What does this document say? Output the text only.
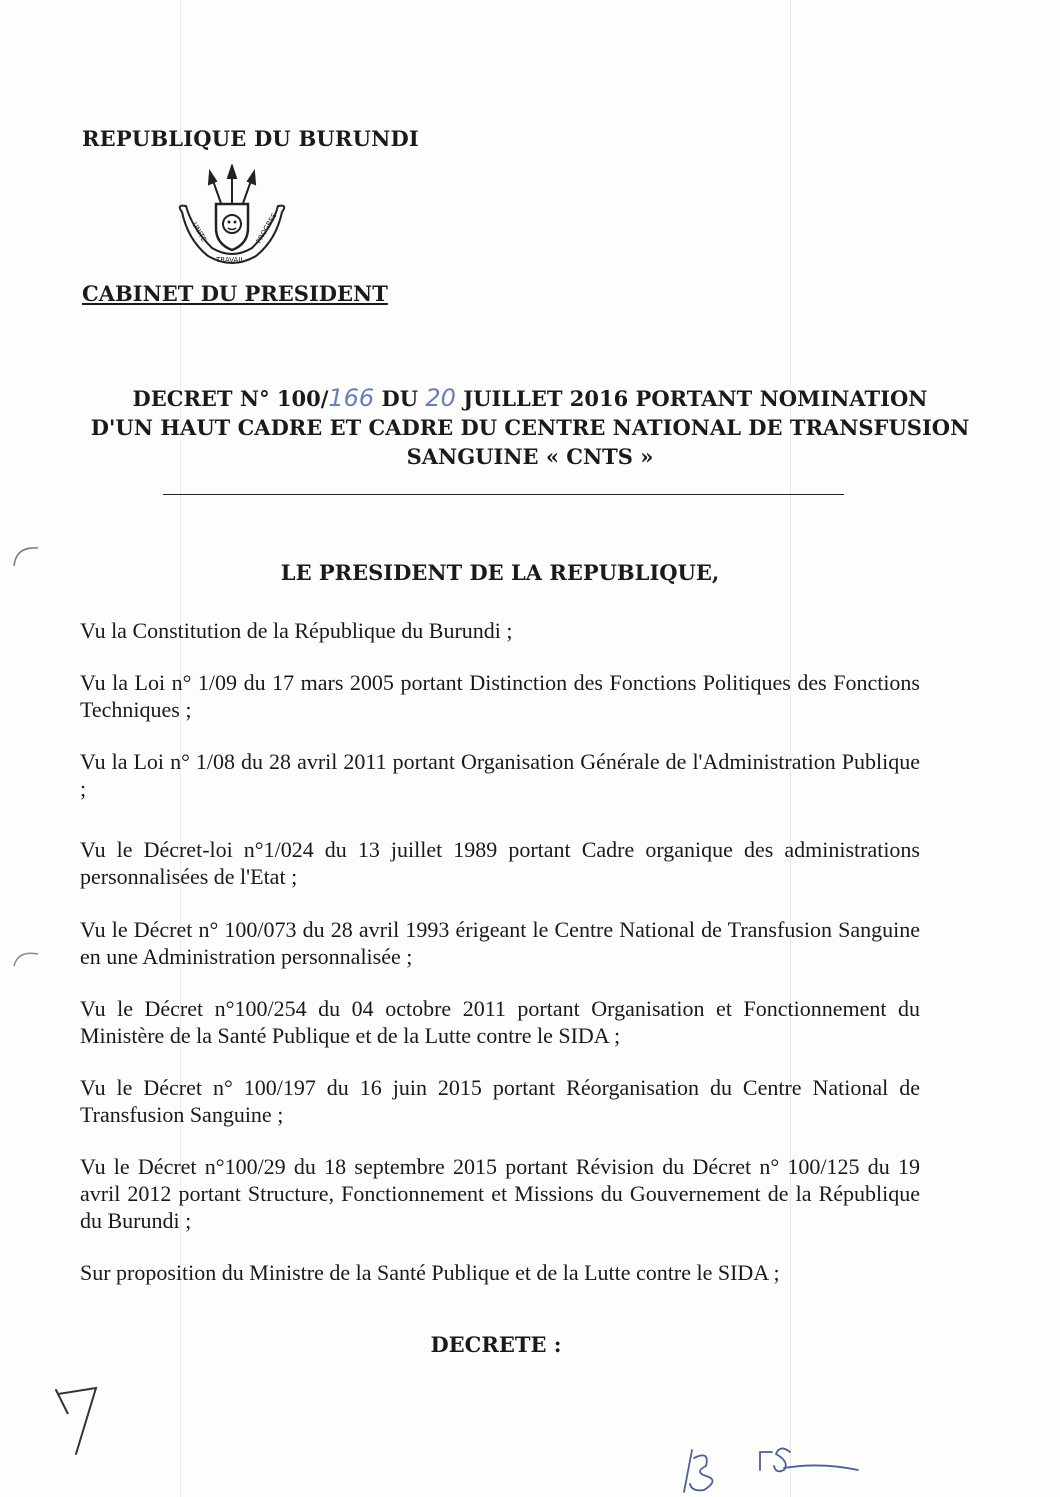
REPUBLIQUE DU BURUNDI
UNITE
TRAVAIL
PROGRES
CABINET DU PRESIDENT
DECRET N° 100/166 DU 20 JUILLET 2016 PORTANT NOMINATION
D'UN HAUT CADRE ET CADRE DU CENTRE NATIONAL DE TRANSFUSION
SANGUINE « CNTS »
LE PRESIDENT DE LA REPUBLIQUE,
Vu la Constitution de la République du Burundi ;
Vu la Loi n° 1/09 du 17 mars 2005 portant Distinction des Fonctions Politiques des Fonctions Techniques ;
Vu la Loi n° 1/08 du 28 avril 2011 portant Organisation Générale de l'Administration Publique ;
Vu le Décret-loi n°1/024 du 13 juillet 1989 portant Cadre organique des administrations personnalisées de l'Etat ;
Vu le Décret n° 100/073 du 28 avril 1993 érigeant le Centre National de Transfusion Sanguine en une Administration personnalisée ;
Vu le Décret n°100/254 du 04 octobre 2011 portant Organisation et Fonctionnement du Ministère de la Santé Publique et de la Lutte contre le SIDA ;
Vu le Décret n° 100/197 du 16 juin 2015 portant Réorganisation du Centre National de Transfusion Sanguine ;
Vu le Décret n°100/29 du 18 septembre 2015 portant Révision du Décret n° 100/125 du 19 avril 2012 portant Structure, Fonctionnement et Missions du Gouvernement de la République du Burundi ;
Sur proposition du Ministre de la Santé Publique et de la Lutte contre le SIDA ;
DECRETE :
